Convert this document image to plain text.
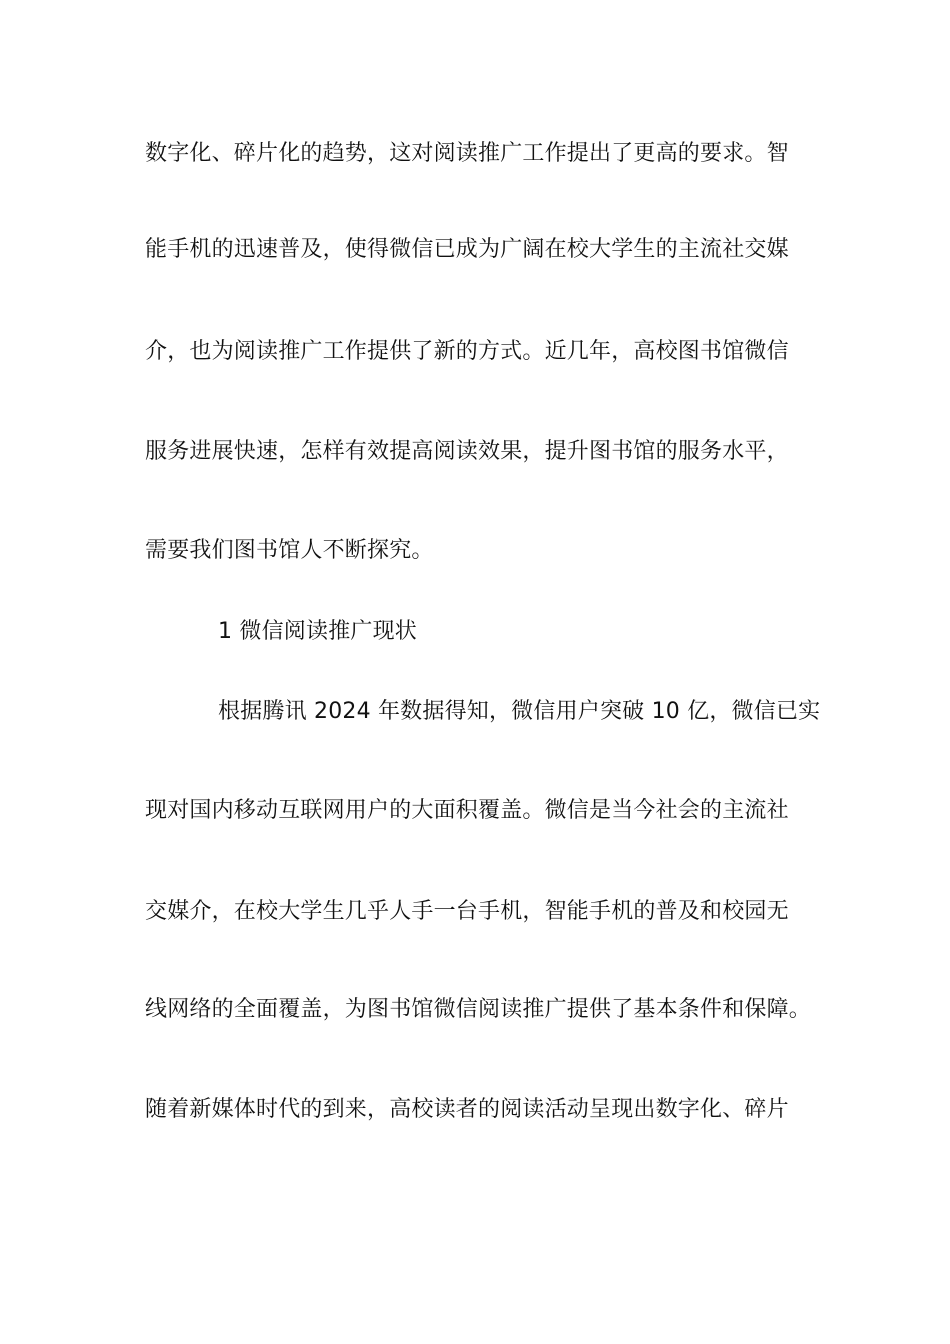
数字化、碎片化的趋势，这对阅读推广工作提出了更高的要求。智
能手机的迅速普及，使得微信已成为广阔在校大学生的主流社交媒
介，也为阅读推广工作提供了新的方式。近几年，高校图书馆微信
服务进展快速，怎样有效提高阅读效果，提升图书馆的服务水平，
需要我们图书馆人不断探究。
1 微信阅读推广现状
根据腾讯 2024 年数据得知，微信用户突破 10 亿，微信已实
现对国内移动互联网用户的大面积覆盖。微信是当今社会的主流社
交媒介，在校大学生几乎人手一台手机，智能手机的普及和校园无
线网络的全面覆盖，为图书馆微信阅读推广提供了基本条件和保障。
随着新媒体时代的到来，高校读者的阅读活动呈现出数字化、碎片
